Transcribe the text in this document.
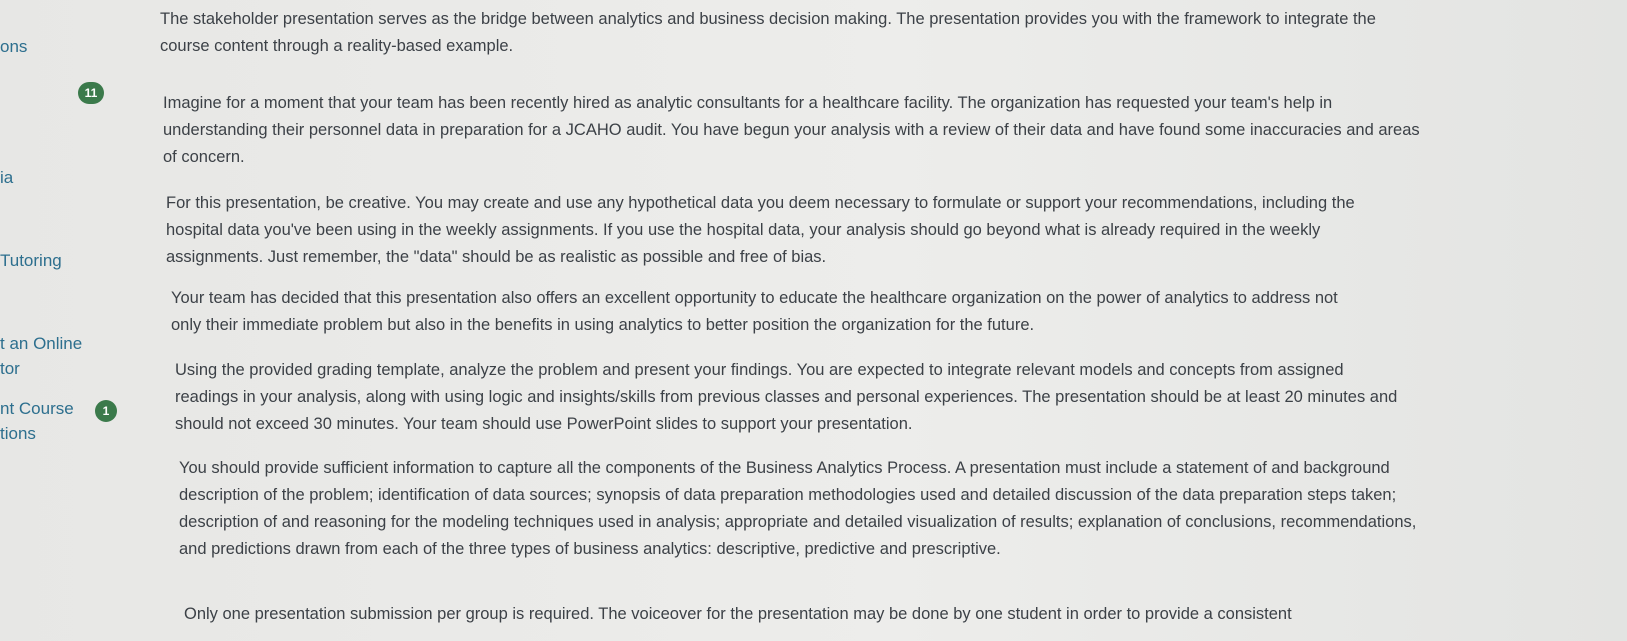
ons
11
ia
Tutoring
t an Online
tor
nt Course
tions
1

The stakeholder presentation serves as the bridge between analytics and business decision making. The presentation provides you with the framework to integrate the course content through a reality-based example.

Imagine for a moment that your team has been recently hired as analytic consultants for a healthcare facility. The organization has requested your team's help in understanding their personnel data in preparation for a JCAHO audit. You have begun your analysis with a review of their data and have found some inaccuracies and areas of concern.

For this presentation, be creative. You may create and use any hypothetical data you deem necessary to formulate or support your recommendations, including the hospital data you've been using in the weekly assignments. If you use the hospital data, your analysis should go beyond what is already required in the weekly assignments. Just remember, the "data" should be as realistic as possible and free of bias.

Your team has decided that this presentation also offers an excellent opportunity to educate the healthcare organization on the power of analytics to address not only their immediate problem but also in the benefits in using analytics to better position the organization for the future.

Using the provided grading template, analyze the problem and present your findings. You are expected to integrate relevant models and concepts from assigned readings in your analysis, along with using logic and insights/skills from previous classes and personal experiences. The presentation should be at least 20 minutes and should not exceed 30 minutes. Your team should use PowerPoint slides to support your presentation.

You should provide sufficient information to capture all the components of the Business Analytics Process. A presentation must include a statement of and background description of the problem; identification of data sources; synopsis of data preparation methodologies used and detailed discussion of the data preparation steps taken; description of and reasoning for the modeling techniques used in analysis; appropriate and detailed visualization of results; explanation of conclusions, recommendations, and predictions drawn from each of the three types of business analytics: descriptive, predictive and prescriptive.

Only one presentation submission per group is required. The voiceover for the presentation may be done by one student in order to provide a consistent
